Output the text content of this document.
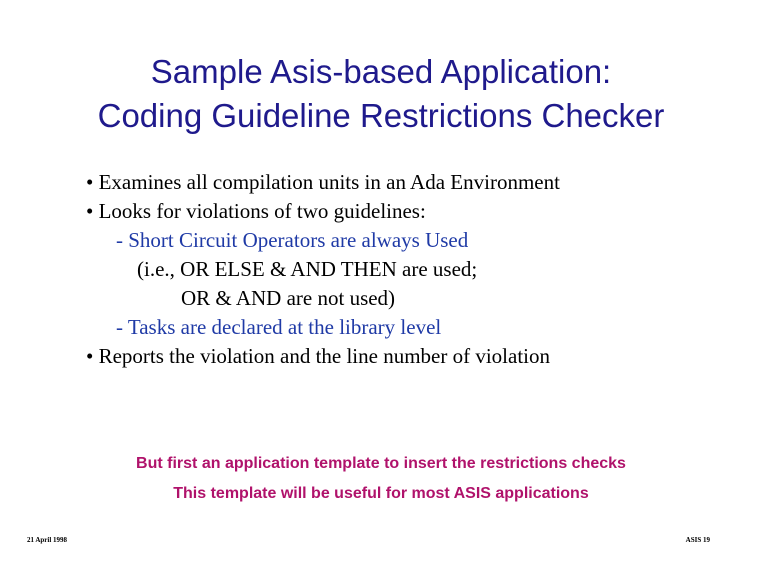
Sample Asis-based Application:
Coding Guideline Restrictions Checker
• Examines all compilation units in an Ada Environment
• Looks for violations of two guidelines:
- Short Circuit Operators are always Used
(i.e., OR ELSE & AND THEN are used;
OR & AND are not used)
- Tasks are declared at the library level
• Reports the violation and the line number of violation
But first an application template to insert the restrictions checks
This template will be useful for most ASIS applications
21 April 1998	ASIS 19
